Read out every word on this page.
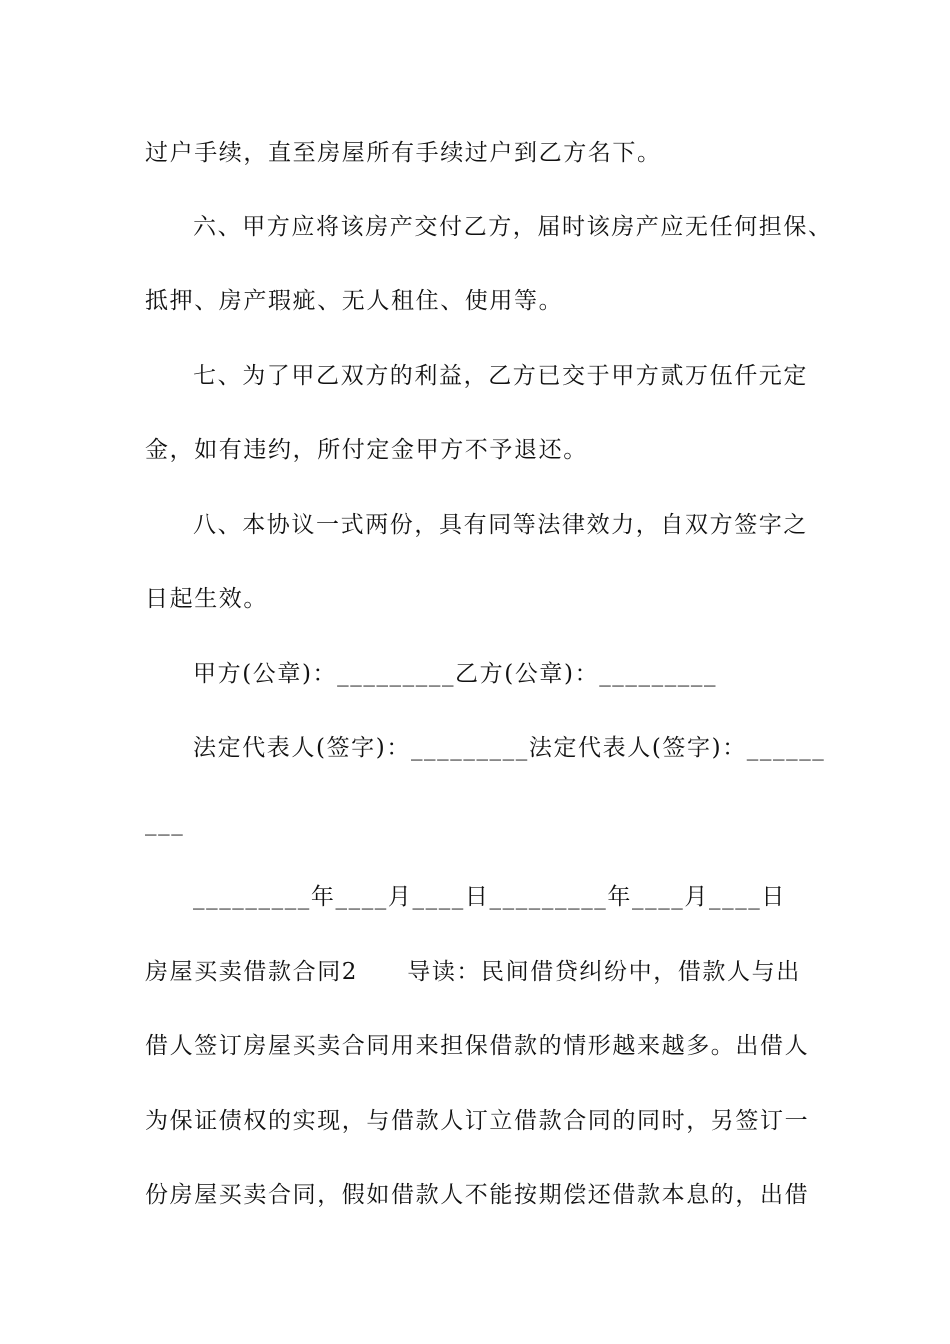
过户手续，直至房屋所有手续过户到乙方名下。
六、甲方应将该房产交付乙方，届时该房产应无任何担保、
抵押、房产瑕疵、无人租住、使用等。
七、为了甲乙双方的利益，乙方已交于甲方贰万伍仟元定
金，如有违约，所付定金甲方不予退还。
八、本协议一式两份，具有同等法律效力，自双方签字之
日起生效。
甲方(公章)：_________乙方(公章)：_________
法定代表人(签字)：_________法定代表人(签字)：______
___
_________年____月____日_________年____月____日
房屋买卖借款合同2　　导读：民间借贷纠纷中，借款人与出
借人签订房屋买卖合同用来担保借款的情形越来越多。出借人
为保证债权的实现，与借款人订立借款合同的同时，另签订一
份房屋买卖合同，假如借款人不能按期偿还借款本息的，出借
